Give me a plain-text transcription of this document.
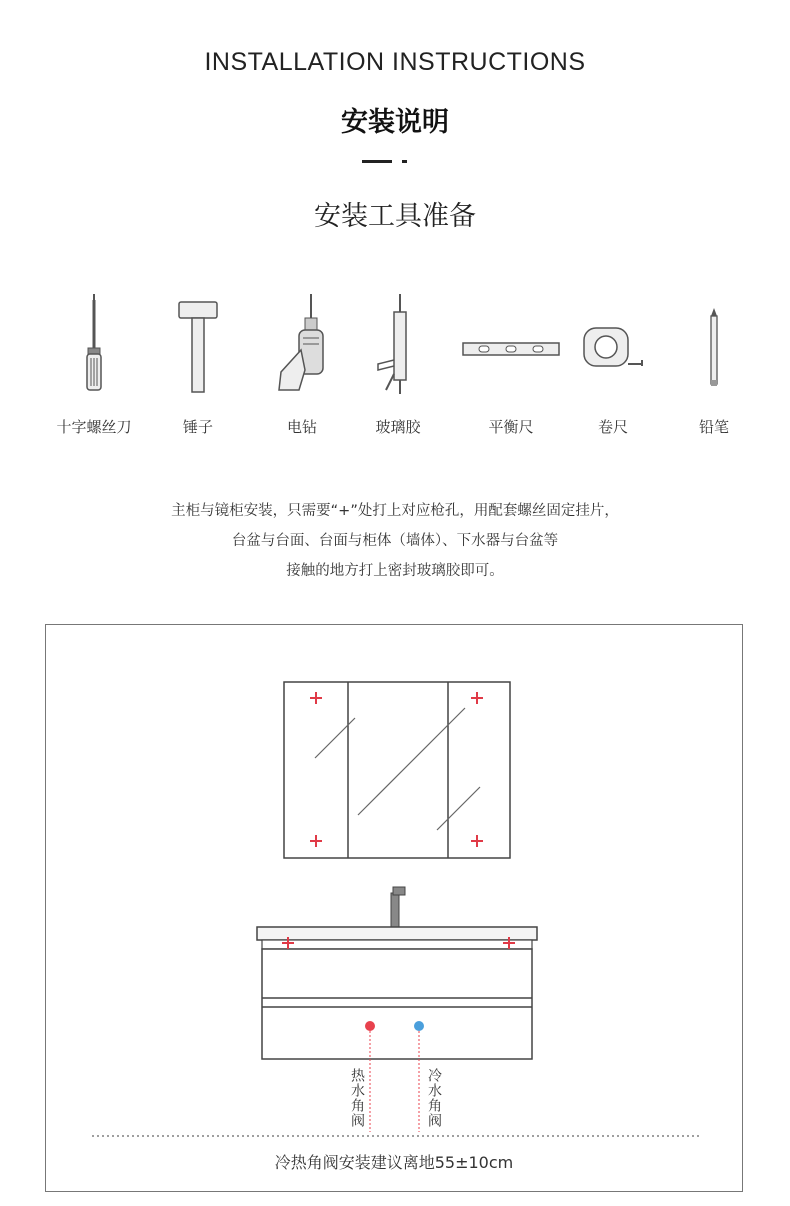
INSTALLATION INSTRUCTIONS
安装说明
安装工具准备
十字螺丝刀	锤子	电钻	玻璃胶	平衡尺	卷尺	铅笔
主柜与镜柜安装，只需要“+”处打上对应枪孔，用配套螺丝固定挂片，
台盆与台面、台面与柜体（墙体）、下水器与台盆等
接触的地方打上密封玻璃胶即可。
热水角阀	冷水角阀
冷热角阀安装建议离地55±10cm
